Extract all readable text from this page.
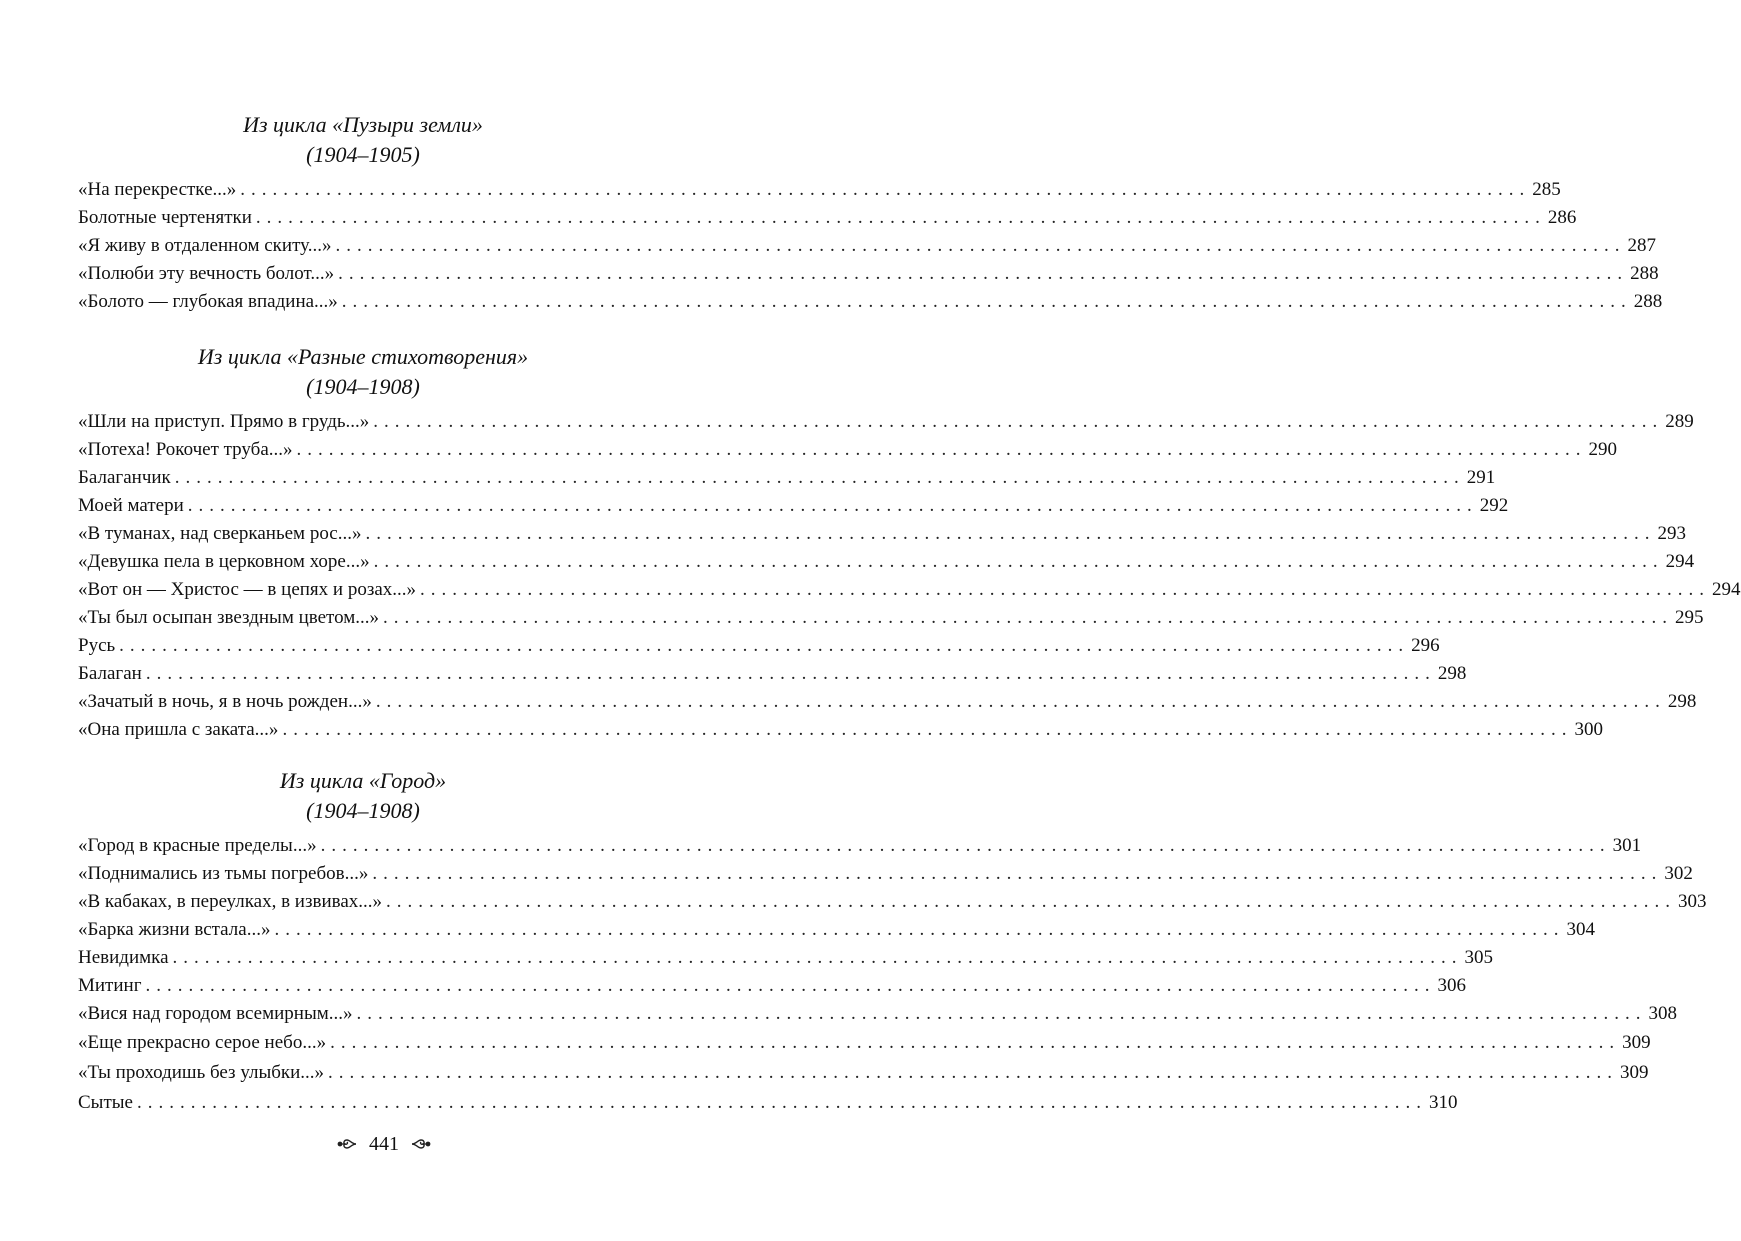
Из цикла «Пузыри земли»
(1904–1905)
«На перекрестке...» ........................................................................................................................ 285
Болотные чертенятки ........................................................................................................................ 286
«Я живу в отдаленном скиту...» ........................................................................................................................ 287
«Полюби эту вечность болот...» ........................................................................................................................ 288
«Болото — глубокая впадина...» ........................................................................................................................ 288
Из цикла «Разные стихотворения»
(1904–1908)
«Шли на приступ. Прямо в грудь...» ........................................................................................................................ 289
«Потеха! Рокочет труба...» ........................................................................................................................ 290
Балаганчик ........................................................................................................................ 291
Моей матери ........................................................................................................................ 292
«В туманах, над сверканьем рос...» ........................................................................................................................ 293
«Девушка пела в церковном хоре...» ........................................................................................................................ 294
«Вот он — Христос — в цепях и розах...» ........................................................................................................................ 294
«Ты был осыпан звездным цветом...» ........................................................................................................................ 295
Русь ........................................................................................................................ 296
Балаган ........................................................................................................................ 298
«Зачатый в ночь, я в ночь рожден...» ........................................................................................................................ 298
«Она пришла с заката...» ........................................................................................................................ 300
Из цикла «Город»
(1904–1908)
«Город в красные пределы...» ........................................................................................................................ 301
«Поднимались из тьмы погребов...» ........................................................................................................................ 302
«В кабаках, в переулках, в извивах...» ........................................................................................................................ 303
«Барка жизни встала...» ........................................................................................................................ 304
Невидимка ........................................................................................................................ 305
Митинг ........................................................................................................................ 306
«Вися над городом всемирным...» ........................................................................................................................ 308
«Еще прекрасно серое небо...» ........................................................................................................................ 309
«Ты проходишь без улыбки...» ........................................................................................................................ 309
Сытые ........................................................................................................................ 310
441
